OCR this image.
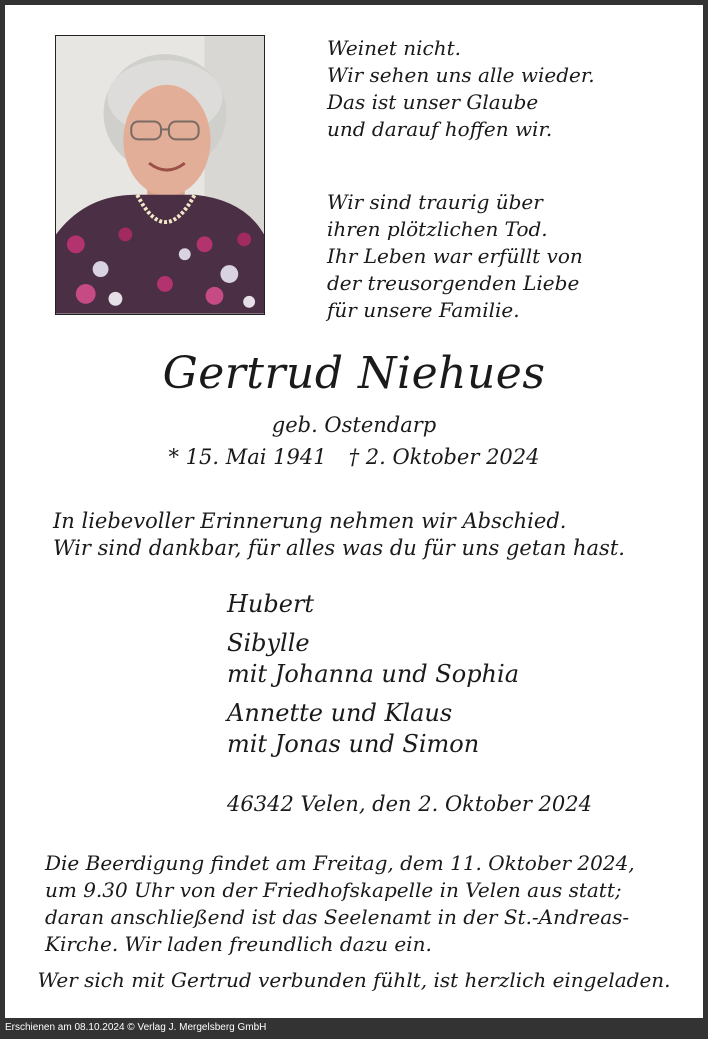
Weinet nicht.
Wir sehen uns alle wieder.
Das ist unser Glaube
und darauf hoffen wir.
Wir sind traurig über
ihren plötzlichen Tod.
Ihr Leben war erfüllt von
der treusorgenden Liebe
für unsere Familie.
Gertrud Niehues
geb. Ostendarp
* 15. Mai 1941 † 2. Oktober 2024
In liebevoller Erinnerung nehmen wir Abschied.
Wir sind dankbar, für alles was du für uns getan hast.
Hubert
Sibylle
mit Johanna und Sophia
Annette und Klaus
mit Jonas und Simon
46342 Velen, den 2. Oktober 2024
Die Beerdigung findet am Freitag, dem 11. Oktober 2024,
um 9.30 Uhr von der Friedhofskapelle in Velen aus statt;
daran anschließend ist das Seelenamt in der St.-Andreas-
Kirche. Wir laden freundlich dazu ein.
Wer sich mit Gertrud verbunden fühlt, ist herzlich eingeladen.
Erschienen am 08.10.2024 © Verlag J. Mergelsberg GmbH
